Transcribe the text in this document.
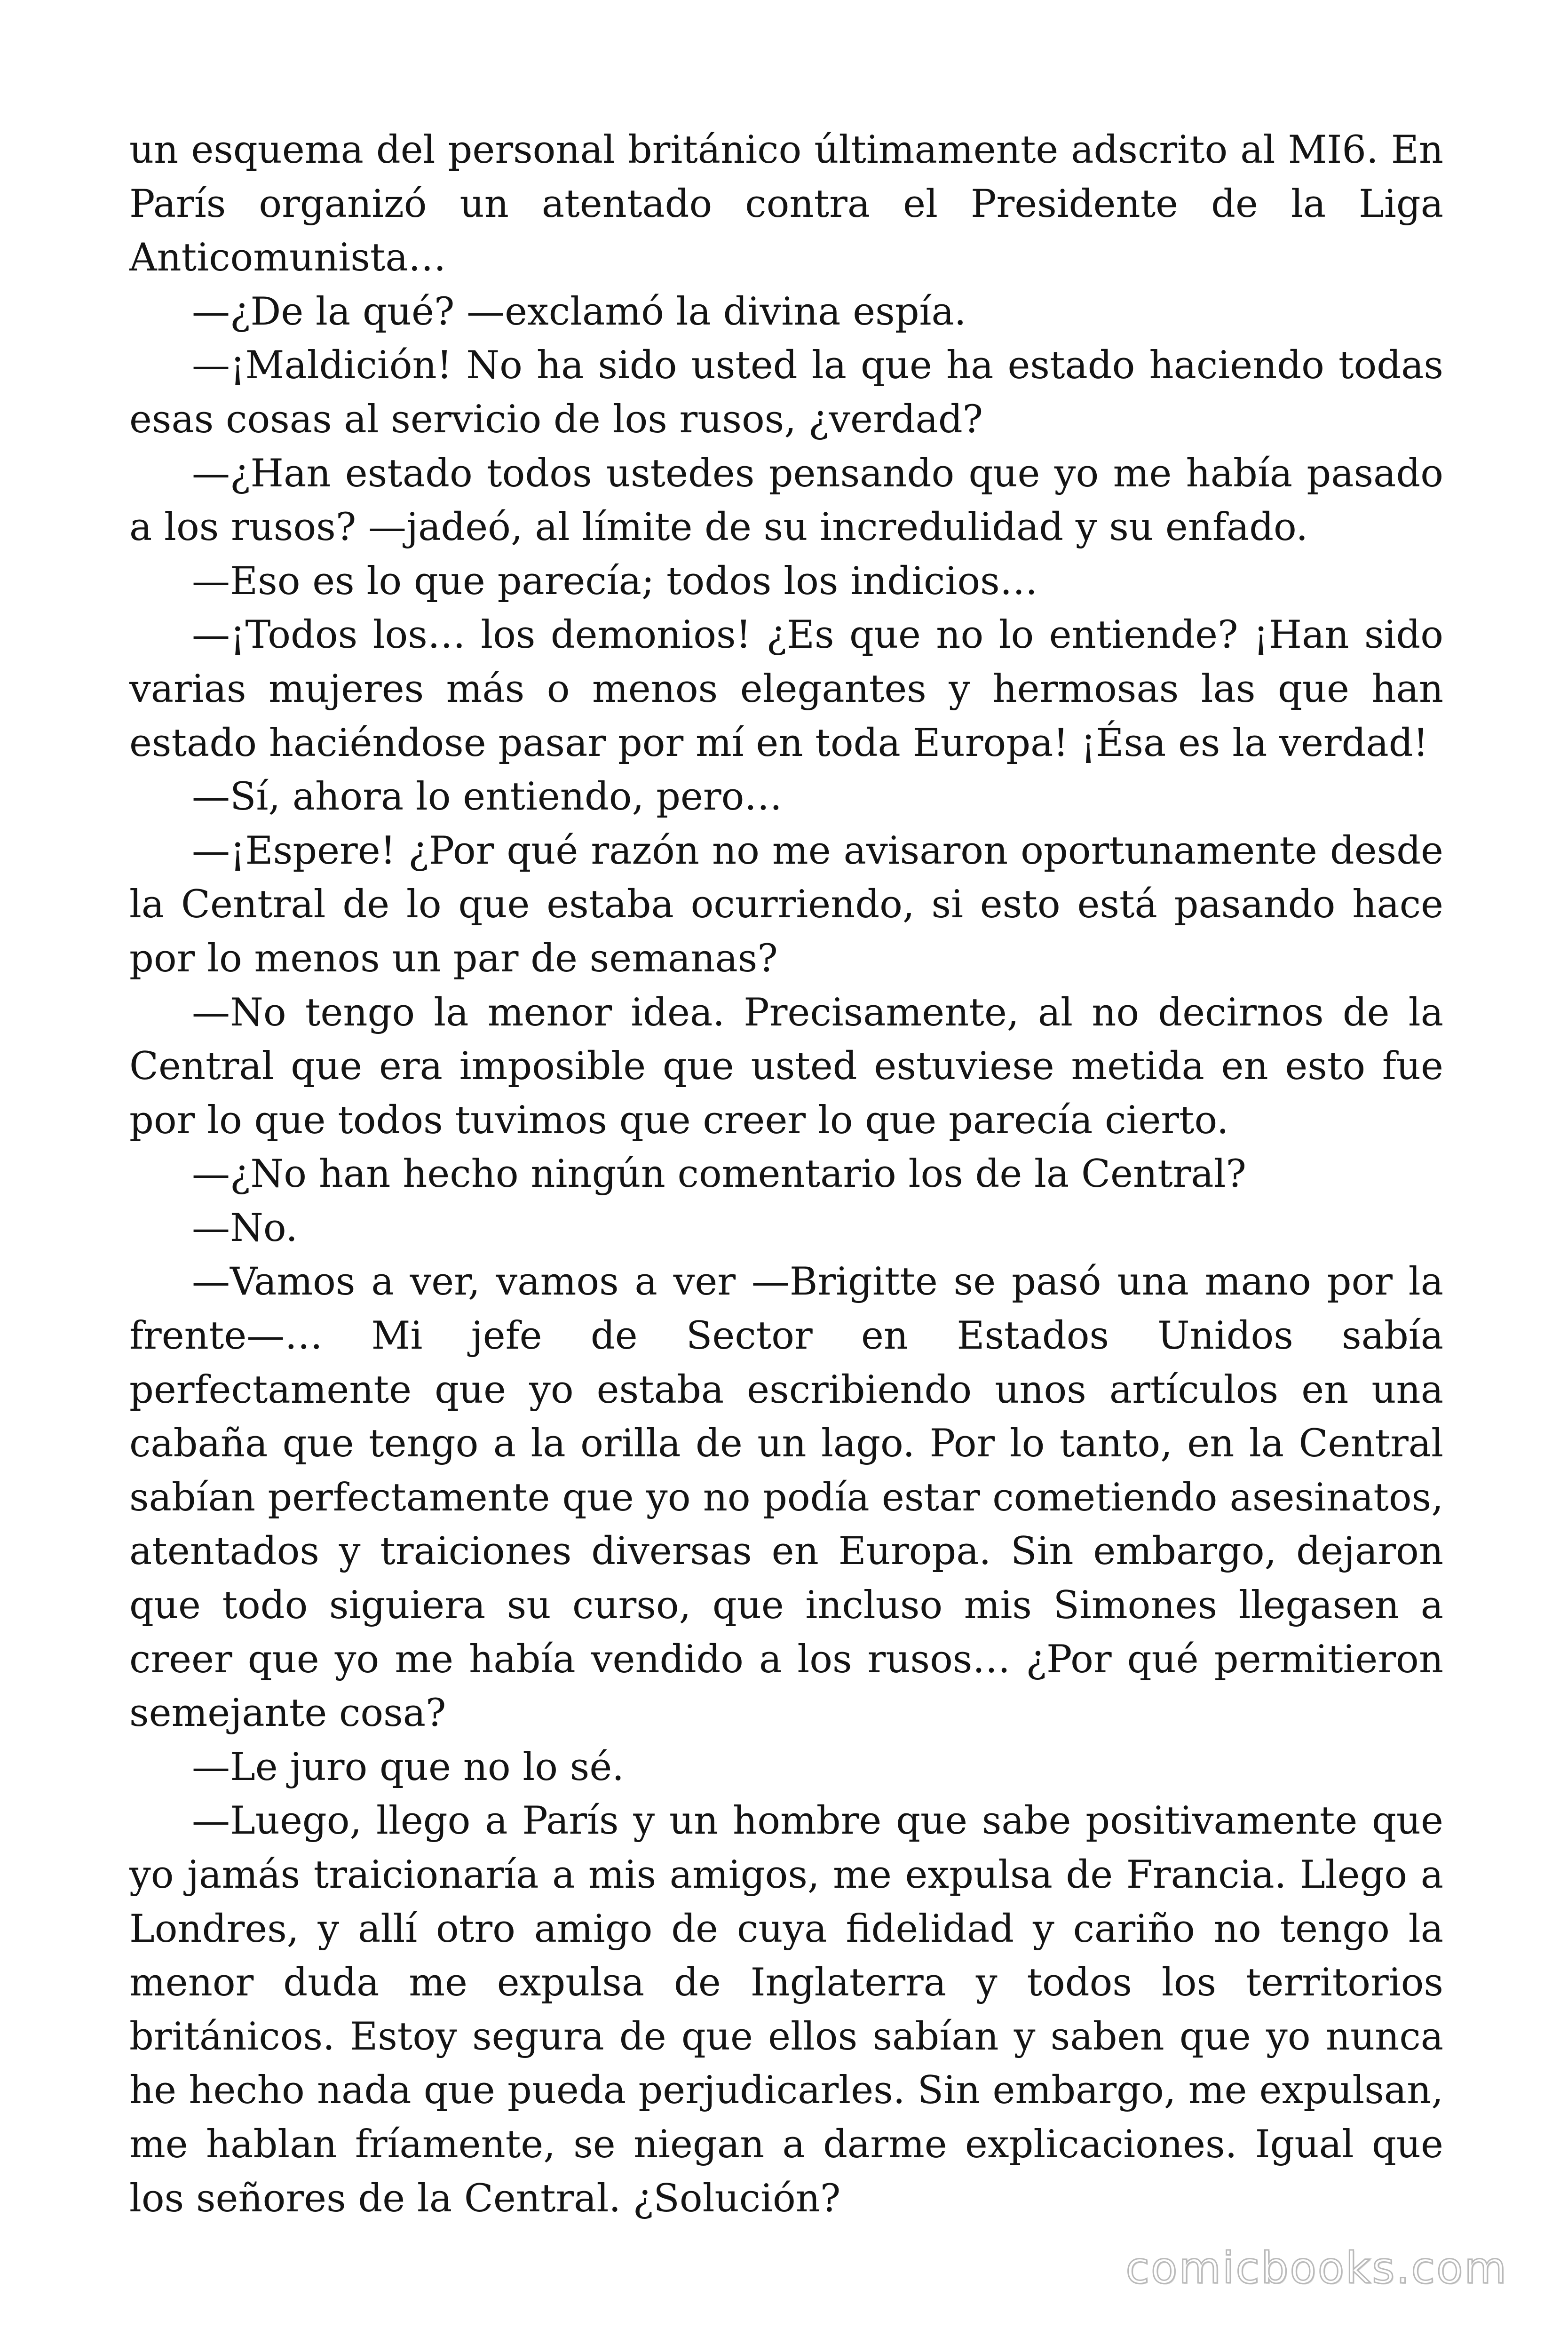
un esquema del personal británico últimamente adscrito al MI6. En París organizó un atentado contra el Presidente de la Liga Anticomunista…

—¿De la qué? —exclamó la divina espía.

—¡Maldición! No ha sido usted la que ha estado haciendo todas esas cosas al servicio de los rusos, ¿verdad?

—¿Han estado todos ustedes pensando que yo me había pasado a los rusos? —jadeó, al límite de su incredulidad y su enfado.

—Eso es lo que parecía; todos los indicios…

—¡Todos los… los demonios! ¿Es que no lo entiende? ¡Han sido varias mujeres más o menos elegantes y hermosas las que han estado haciéndose pasar por mí en toda Europa! ¡Ésa es la verdad!

—Sí, ahora lo entiendo, pero…

—¡Espere! ¿Por qué razón no me avisaron oportunamente desde la Central de lo que estaba ocurriendo, si esto está pasando hace por lo menos un par de semanas?

—No tengo la menor idea. Precisamente, al no decirnos de la Central que era imposible que usted estuviese metida en esto fue por lo que todos tuvimos que creer lo que parecía cierto.

—¿No han hecho ningún comentario los de la Central?

—No.

—Vamos a ver, vamos a ver —Brigitte se pasó una mano por la frente—… Mi jefe de Sector en Estados Unidos sabía perfectamente que yo estaba escribiendo unos artículos en una cabaña que tengo a la orilla de un lago. Por lo tanto, en la Central sabían perfectamente que yo no podía estar cometiendo asesinatos, atentados y traiciones diversas en Europa. Sin embargo, dejaron que todo siguiera su curso, que incluso mis Simones llegasen a creer que yo me había vendido a los rusos… ¿Por qué permitieron semejante cosa?

—Le juro que no lo sé.

—Luego, llego a París y un hombre que sabe positivamente que yo jamás traicionaría a mis amigos, me expulsa de Francia. Llego a Londres, y allí otro amigo de cuya fidelidad y cariño no tengo la menor duda me expulsa de Inglaterra y todos los territorios británicos. Estoy segura de que ellos sabían y saben que yo nunca he hecho nada que pueda perjudicarles. Sin embargo, me expulsan, me hablan fríamente, se niegan a darme explicaciones. Igual que los señores de la Central. ¿Solución?

comicbooks.com
